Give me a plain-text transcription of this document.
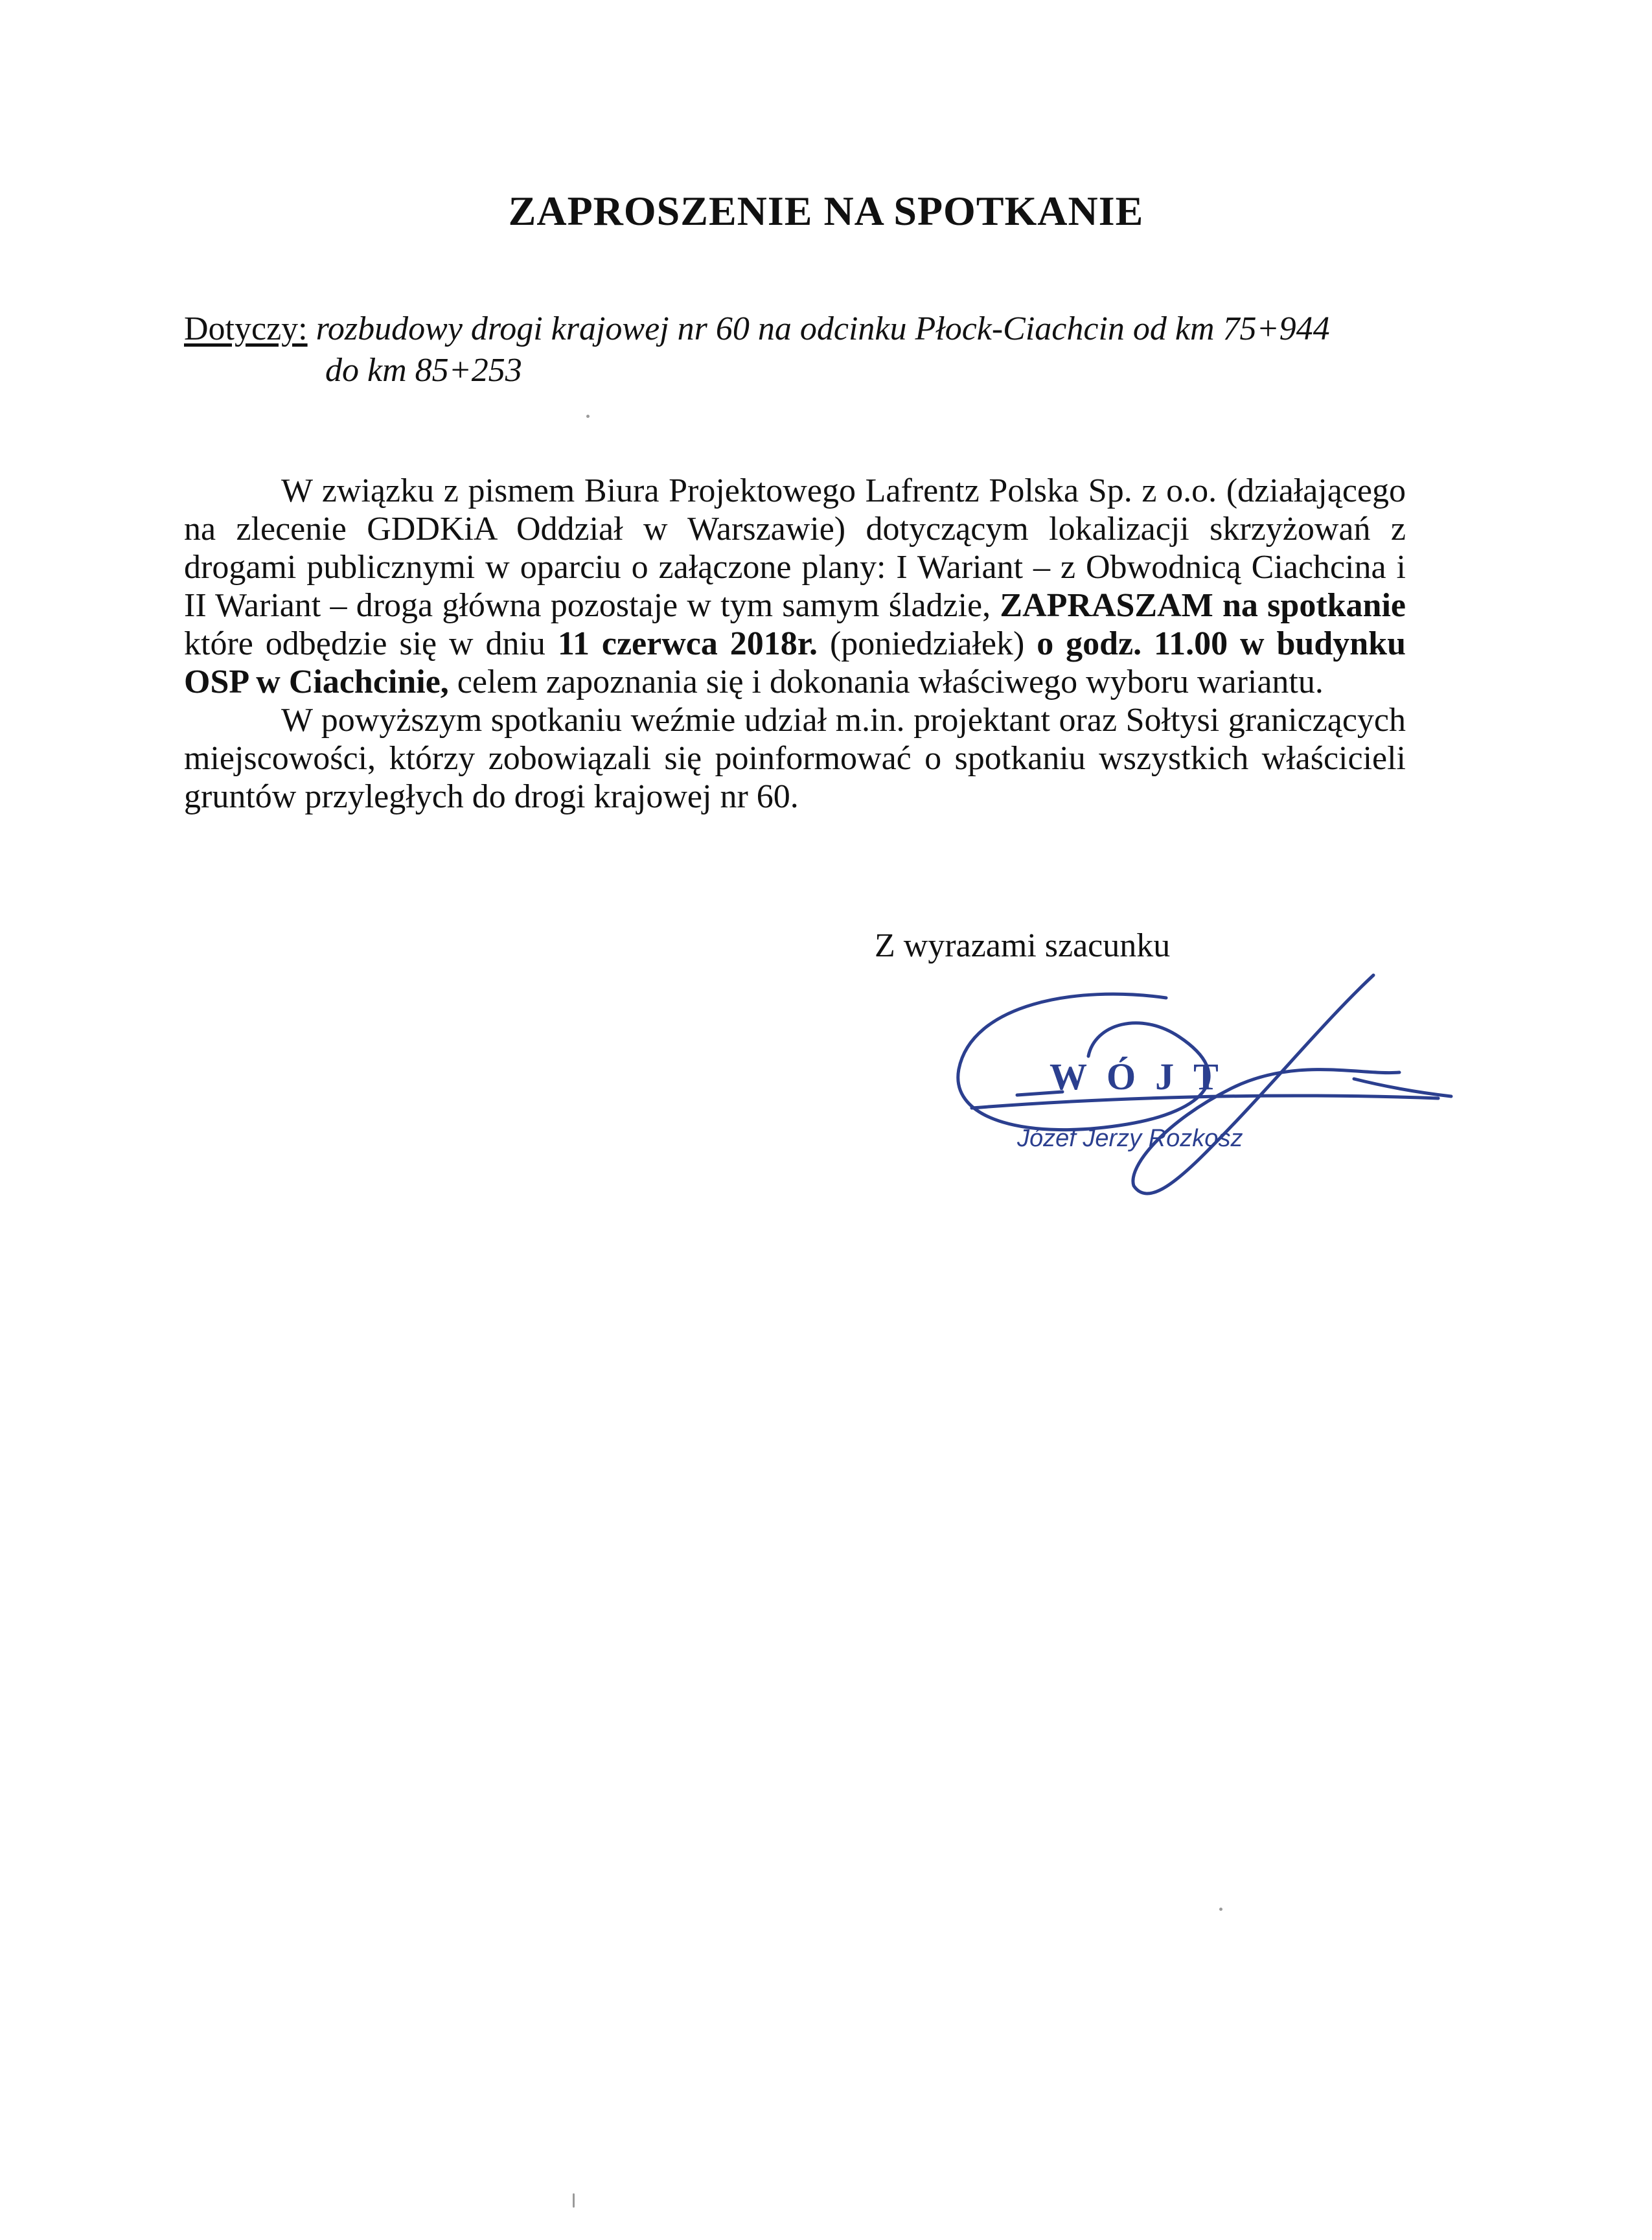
ZAPROSZENIE NA SPOTKANIE
Dotyczy: rozbudowy drogi krajowej nr 60 na odcinku Płock-Ciachcin od km 75+944
do km 85+253

W związku z pismem Biura Projektowego Lafrentz Polska Sp. z o.o. (działającego na zlecenie GDDKiA Oddział w Warszawie) dotyczącym lokalizacji skrzyżowań z drogami publicznymi w oparciu o załączone plany: I Wariant – z Obwodnicą Ciachcina i II Wariant – droga główna pozostaje w tym samym śladzie, ZAPRASZAM na spotkanie które odbędzie się w dniu 11 czerwca 2018r. (poniedziałek) o godz. 11.00 w budynku OSP w Ciachcinie, celem zapoznania się i dokonania właściwego wyboru wariantu.

W powyższym spotkaniu weźmie udział m.in. projektant oraz Sołtysi graniczących miejscowości, którzy zobowiązali się poinformować o spotkaniu wszystkich właścicieli gruntów przyległych do drogi krajowej nr 60.

Z wyrazami szacunku
WÓJT
Józef Jerzy Rozkosz
